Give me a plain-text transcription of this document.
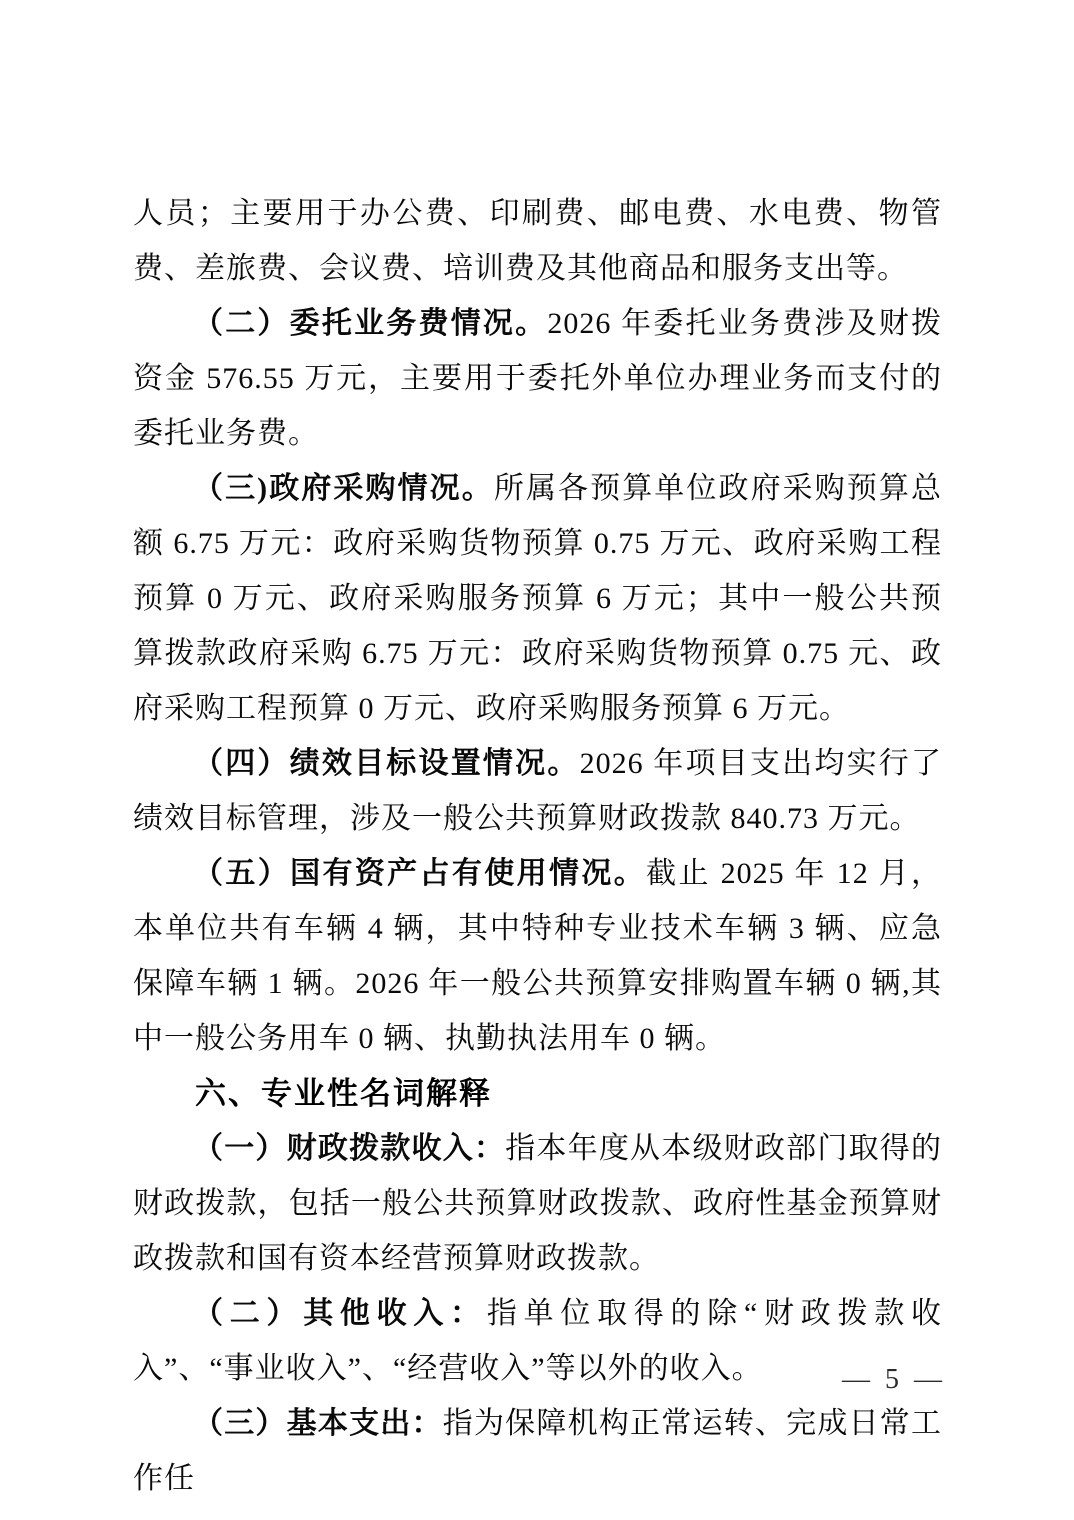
人员；主要用于办公费、印刷费、邮电费、水电费、物管费、差旅费、会议费、培训费及其他商品和服务支出等。

（二）委托业务费情况。2026 年委托业务费涉及财拨资金 576.55 万元，主要用于委托外单位办理业务而支付的委托业务费。

（三)政府采购情况。所属各预算单位政府采购预算总额 6.75 万元：政府采购货物预算 0.75 万元、政府采购工程预算 0 万元、政府采购服务预算 6 万元；其中一般公共预算拨款政府采购 6.75 万元：政府采购货物预算 0.75 元、政府采购工程预算 0 万元、政府采购服务预算 6 万元。

（四）绩效目标设置情况。2026 年项目支出均实行了绩效目标管理，涉及一般公共预算财政拨款 840.73 万元。

（五）国有资产占有使用情况。截止 2025 年 12 月，本单位共有车辆 4 辆，其中特种专业技术车辆 3 辆、应急保障车辆 1 辆。2026 年一般公共预算安排购置车辆 0 辆,其中一般公务用车 0 辆、执勤执法用车 0 辆。

六、专业性名词解释

（一）财政拨款收入：指本年度从本级财政部门取得的财政拨款，包括一般公共预算财政拨款、政府性基金预算财政拨款和国有资本经营预算财政拨款。

（二）其他收入：指单位取得的除“财政拨款收入”、“事业收入”、“经营收入”等以外的收入。

（三）基本支出：指为保障机构正常运转、完成日常工作任

— 5 —
